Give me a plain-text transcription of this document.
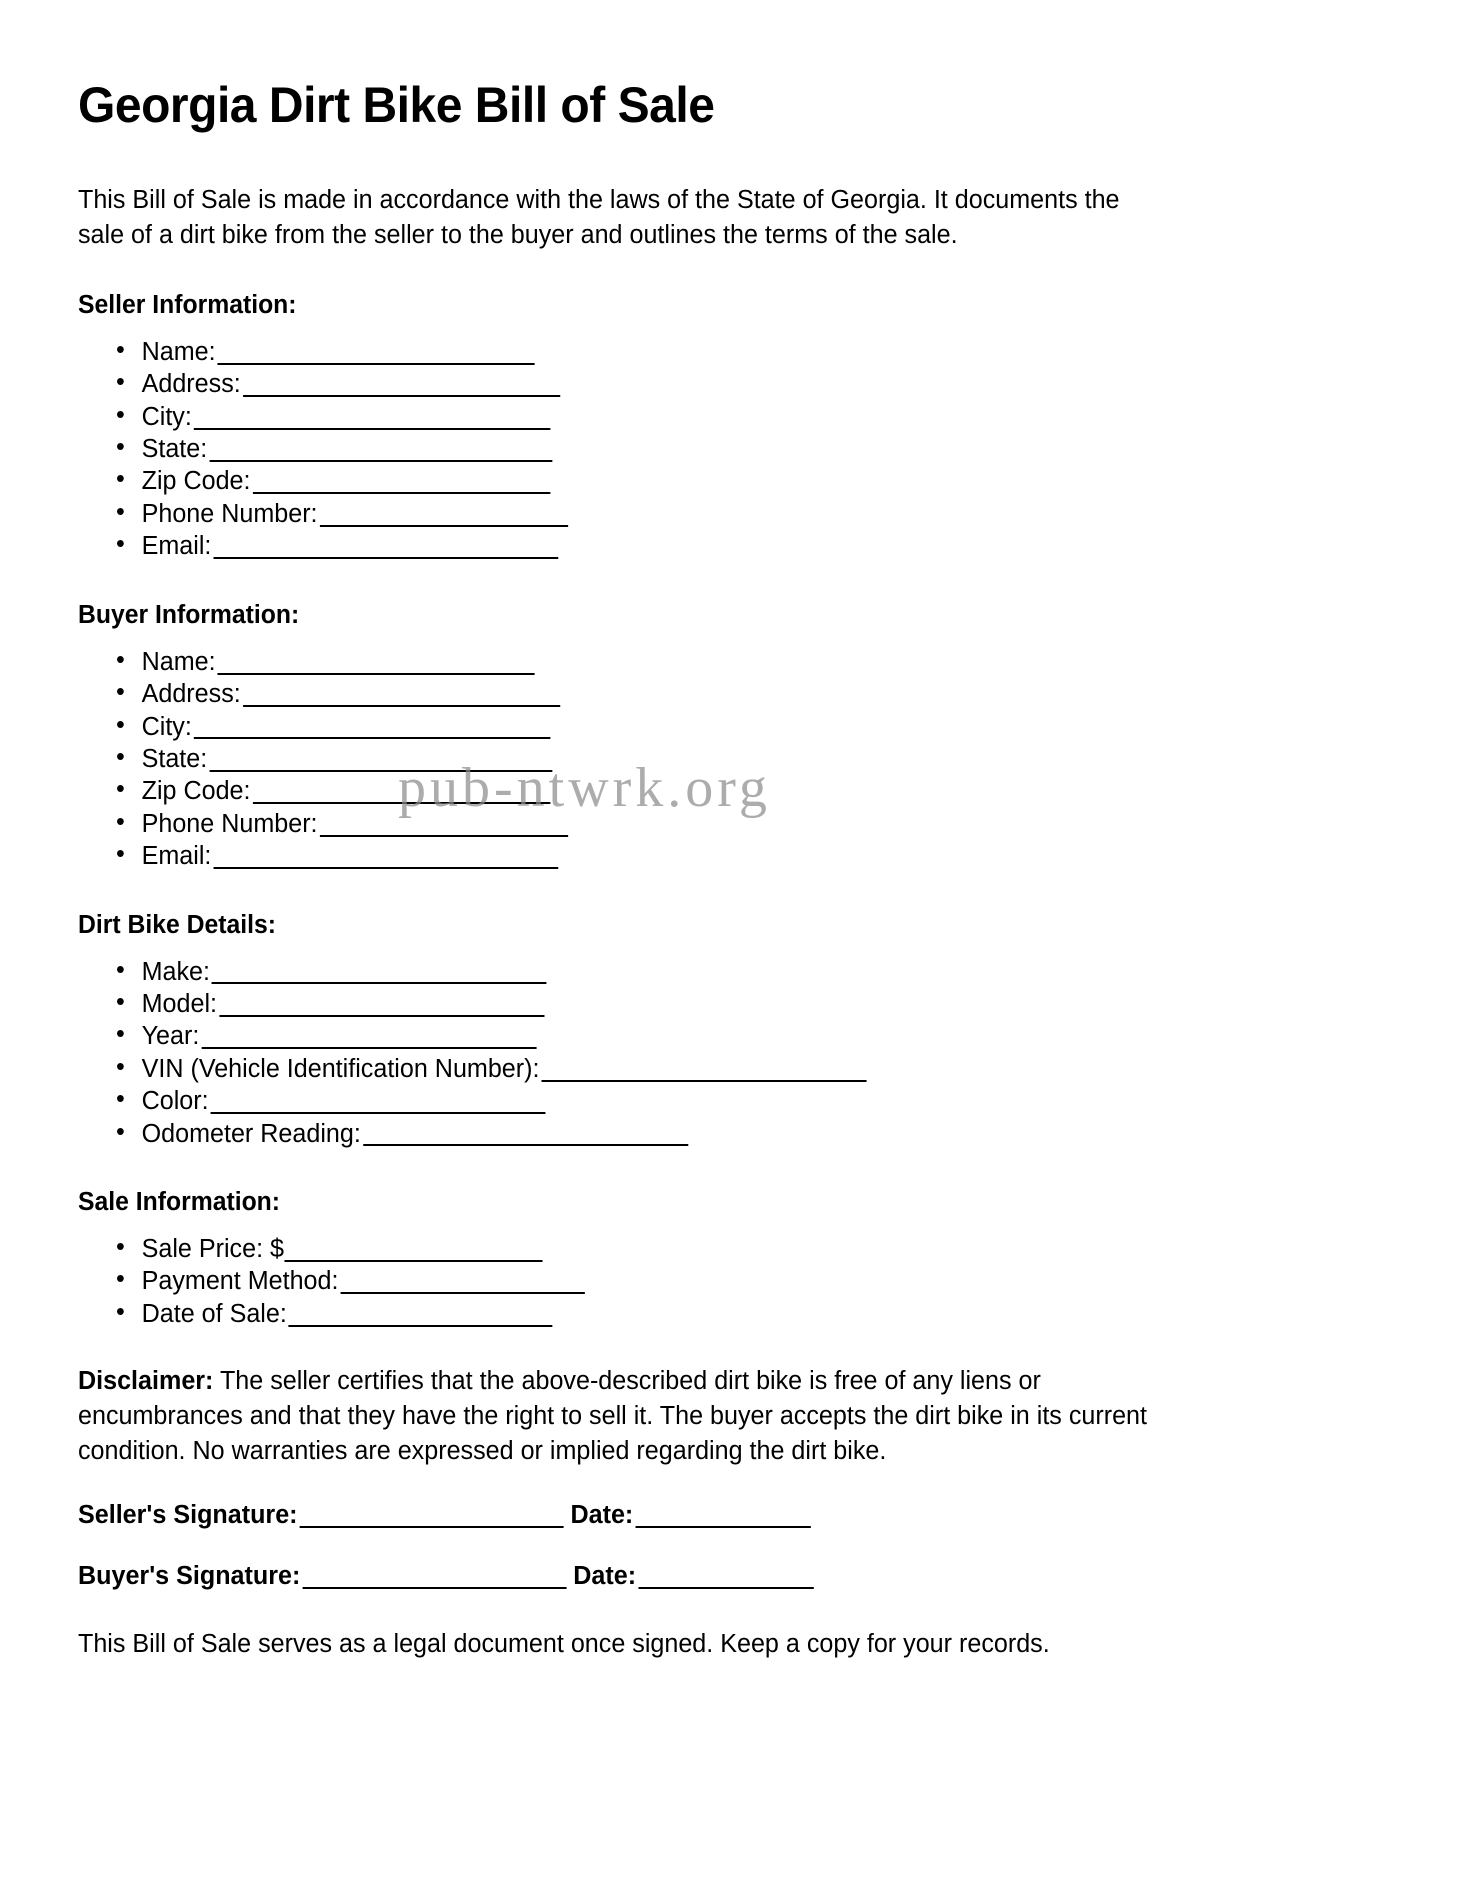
Georgia Dirt Bike Bill of Sale

This Bill of Sale is made in accordance with the laws of the State of Georgia. It documents the sale of a dirt bike from the seller to the buyer and outlines the terms of the sale.

Seller Information:
• Name:
• Address:
• City:
• State:
• Zip Code:
• Phone Number:
• Email:
Buyer Information:
• Name:
• Address:
• City:
• State:
• Zip Code:
• Phone Number:
• Email:
Dirt Bike Details:
• Make:
• Model:
• Year:
• VIN (Vehicle Identification Number):
• Color:
• Odometer Reading:
Sale Information:
• Sale Price: $
• Payment Method:
• Date of Sale:

Disclaimer: The seller certifies that the above-described dirt bike is free of any liens or encumbrances and that they have the right to sell it. The buyer accepts the dirt bike in its current condition. No warranties are expressed or implied regarding the dirt bike.

Seller's Signature:	Date:
Buyer's Signature:	Date:

This Bill of Sale serves as a legal document once signed. Keep a copy for your records.

pub-ntwrk.org
